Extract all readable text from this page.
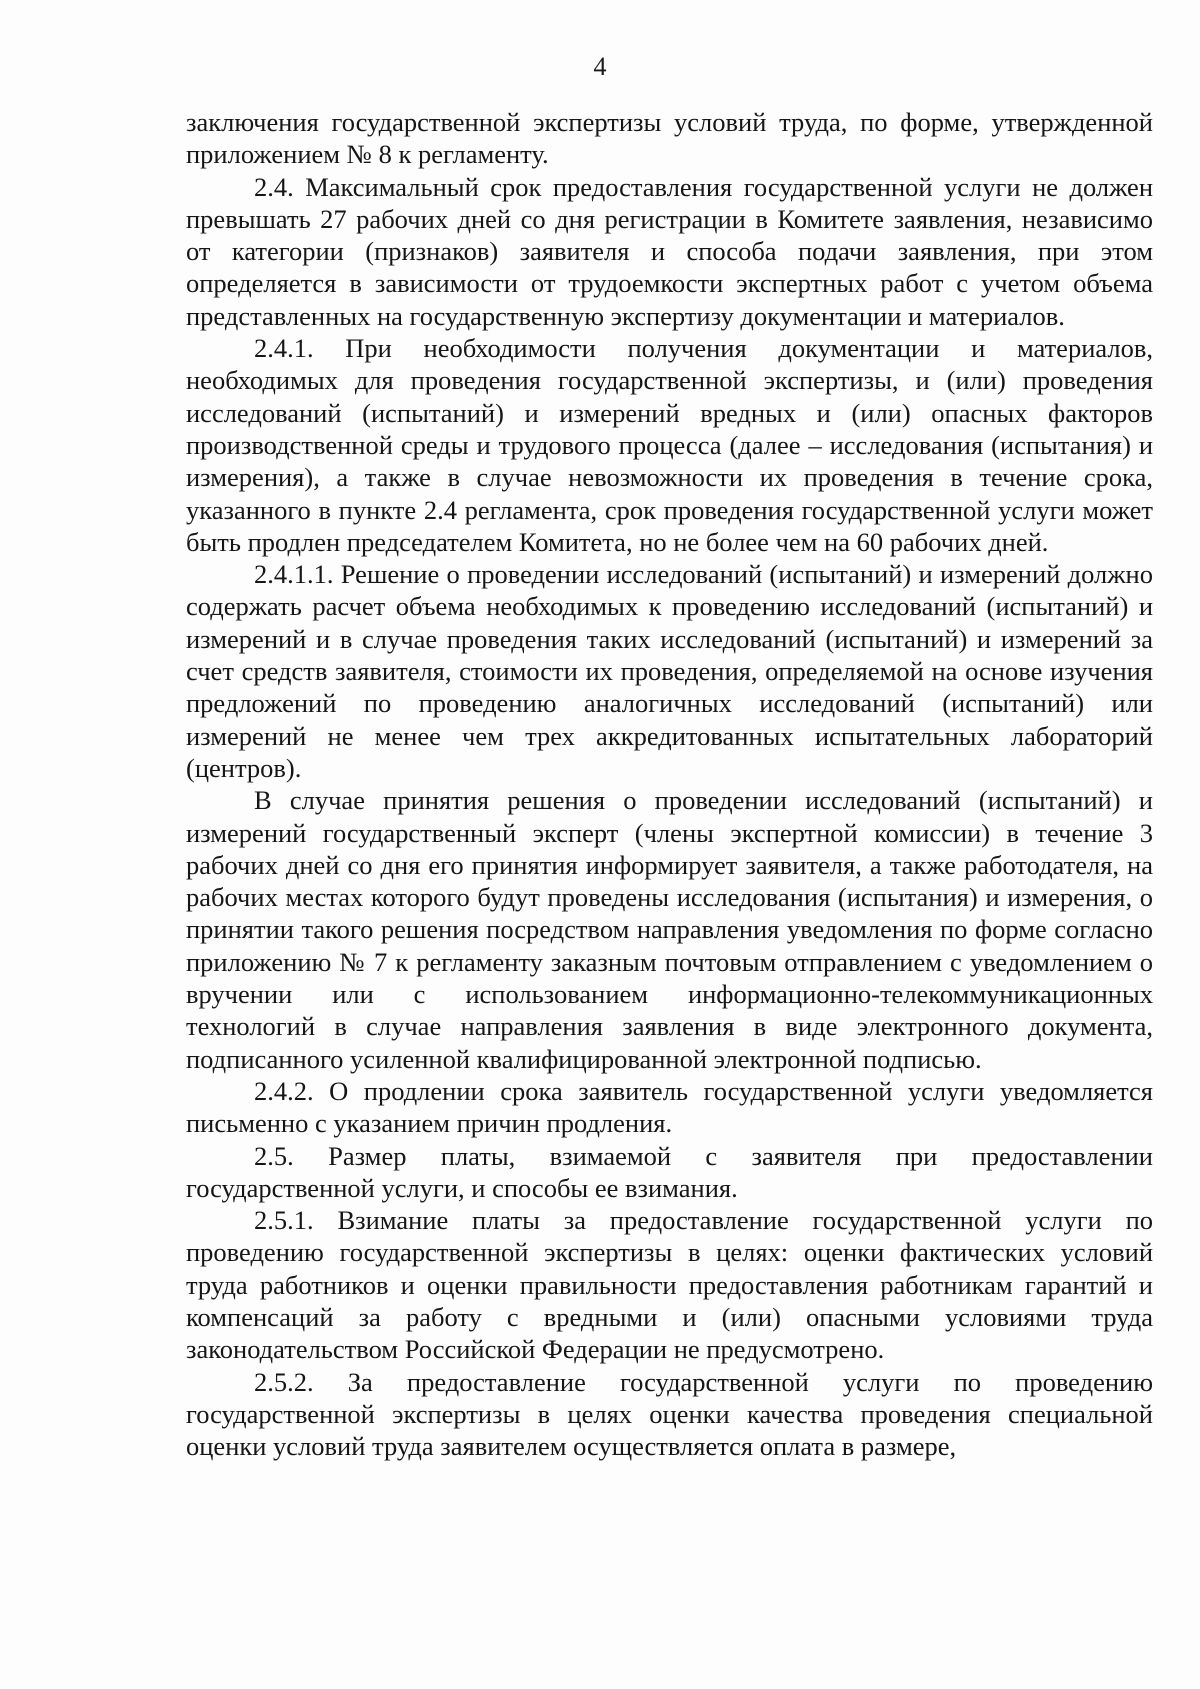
4

заключения государственной экспертизы условий труда, по форме, утвержденной приложением № 8 к регламенту.

2.4. Максимальный срок предоставления государственной услуги не должен превышать 27 рабочих дней со дня регистрации в Комитете заявления, независимо от категории (признаков) заявителя и способа подачи заявления, при этом определяется в зависимости от трудоемкости экспертных работ с учетом объема представленных на государственную экспертизу документации и материалов.

2.4.1. При необходимости получения документации и материалов, необходимых для проведения государственной экспертизы, и (или) проведения исследований (испытаний) и измерений вредных и (или) опасных факторов производственной среды и трудового процесса (далее – исследования (испытания) и измерения), а также в случае невозможности их проведения в течение срока, указанного в пункте 2.4 регламента, срок проведения государственной услуги может быть продлен председателем Комитета, но не более чем на 60 рабочих дней.

2.4.1.1. Решение о проведении исследований (испытаний) и измерений должно содержать расчет объема необходимых к проведению исследований (испытаний) и измерений и в случае проведения таких исследований (испытаний) и измерений за счет средств заявителя, стоимости их проведения, определяемой на основе изучения предложений по проведению аналогичных исследований (испытаний) или измерений не менее чем трех аккредитованных испытательных лабораторий (центров).

В случае принятия решения о проведении исследований (испытаний) и измерений государственный эксперт (члены экспертной комиссии) в течение 3 рабочих дней со дня его принятия информирует заявителя, а также работодателя, на рабочих местах которого будут проведены исследования (испытания) и измерения, о принятии такого решения посредством направления уведомления по форме согласно приложению № 7 к регламенту заказным почтовым отправлением с уведомлением о вручении или с использованием информационно-телекоммуникационных технологий в случае направления заявления в виде электронного документа, подписанного усиленной квалифицированной электронной подписью.

2.4.2. О продлении срока заявитель государственной услуги уведомляется письменно с указанием причин продления.

2.5. Размер платы, взимаемой с заявителя при предоставлении государственной услуги, и способы ее взимания.

2.5.1. Взимание платы за предоставление государственной услуги по проведению государственной экспертизы в целях: оценки фактических условий труда работников и оценки правильности предоставления работникам гарантий и компенсаций за работу с вредными и (или) опасными условиями труда законодательством Российской Федерации не предусмотрено.

2.5.2. За предоставление государственной услуги по проведению государственной экспертизы в целях оценки качества проведения специальной оценки условий труда заявителем осуществляется оплата в размере,
